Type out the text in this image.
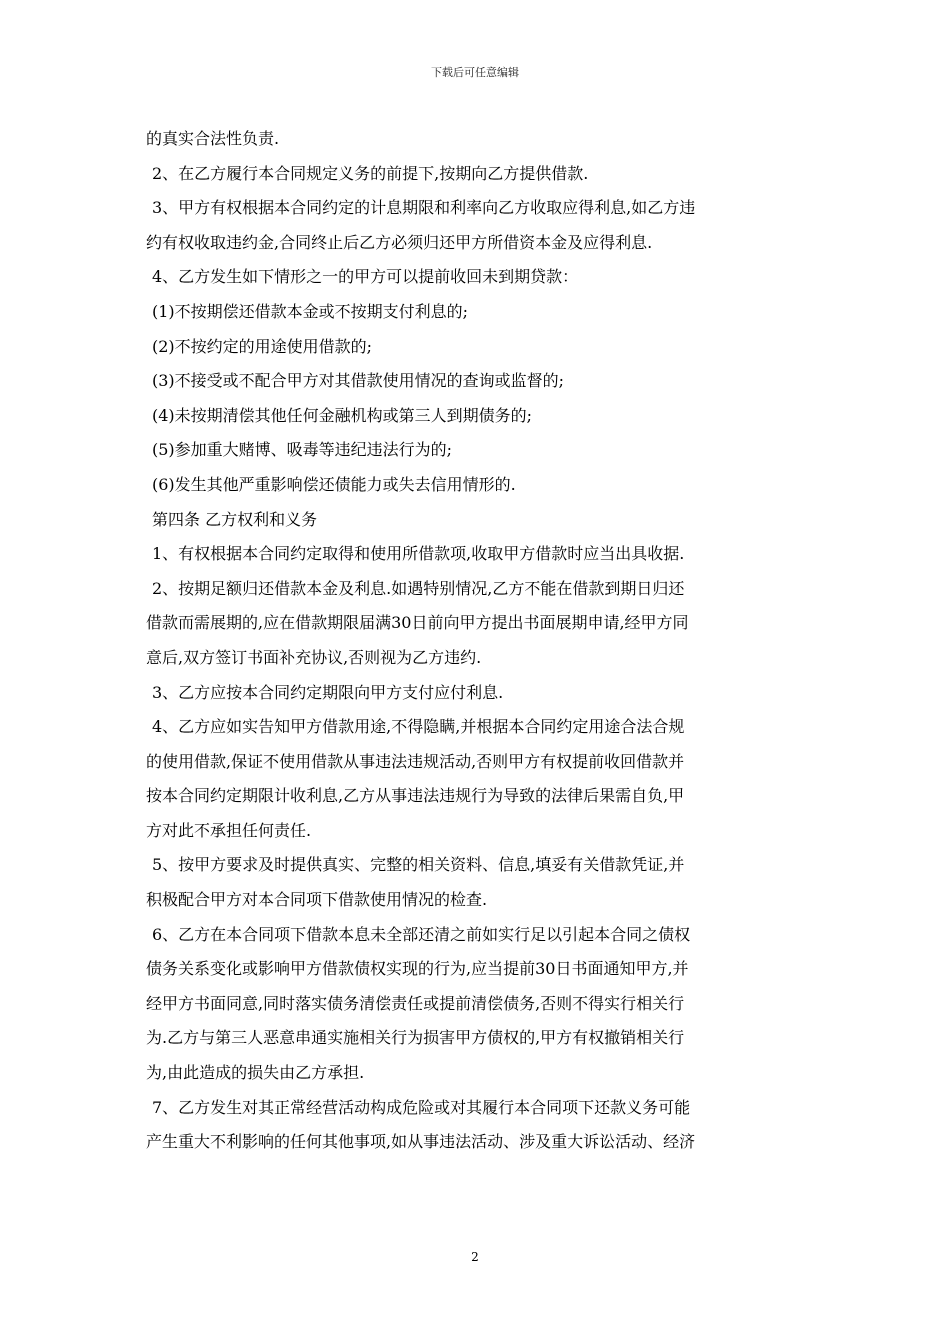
下载后可任意编辑
的真实合法性负责.
2、在乙方履行本合同规定义务的前提下,按期向乙方提供借款.
3、甲方有权根据本合同约定的计息期限和利率向乙方收取应得利息,如乙方违
约有权收取违约金,合同终止后乙方必须归还甲方所借资本金及应得利息.
4、乙方发生如下情形之一的甲方可以提前收回未到期贷款：
(1)不按期偿还借款本金或不按期支付利息的;
(2)不按约定的用途使用借款的;
(3)不接受或不配合甲方对其借款使用情况的查询或监督的;
(4)未按期清偿其他任何金融机构或第三人到期债务的;
(5)参加重大赌博、吸毒等违纪违法行为的;
(6)发生其他严重影响偿还债能力或失去信用情形的.
第四条 乙方权利和义务
1、有权根据本合同约定取得和使用所借款项,收取甲方借款时应当出具收据.
2、按期足额归还借款本金及利息.如遇特别情况,乙方不能在借款到期日归还
借款而需展期的,应在借款期限届满30日前向甲方提出书面展期申请,经甲方同
意后,双方签订书面补充协议,否则视为乙方违约.
3、乙方应按本合同约定期限向甲方支付应付利息.
4、乙方应如实告知甲方借款用途,不得隐瞒,并根据本合同约定用途合法合规
的使用借款,保证不使用借款从事违法违规活动,否则甲方有权提前收回借款并
按本合同约定期限计收利息,乙方从事违法违规行为导致的法律后果需自负,甲
方对此不承担任何责任.
5、按甲方要求及时提供真实、完整的相关资料、信息,填妥有关借款凭证,并
积极配合甲方对本合同项下借款使用情况的检查.
6、乙方在本合同项下借款本息未全部还清之前如实行足以引起本合同之债权
债务关系变化或影响甲方借款债权实现的行为,应当提前30日书面通知甲方,并
经甲方书面同意,同时落实债务清偿责任或提前清偿债务,否则不得实行相关行
为.乙方与第三人恶意串通实施相关行为损害甲方债权的,甲方有权撤销相关行
为,由此造成的损失由乙方承担.
7、乙方发生对其正常经营活动构成危险或对其履行本合同项下还款义务可能
产生重大不利影响的任何其他事项,如从事违法活动、涉及重大诉讼活动、经济
2
